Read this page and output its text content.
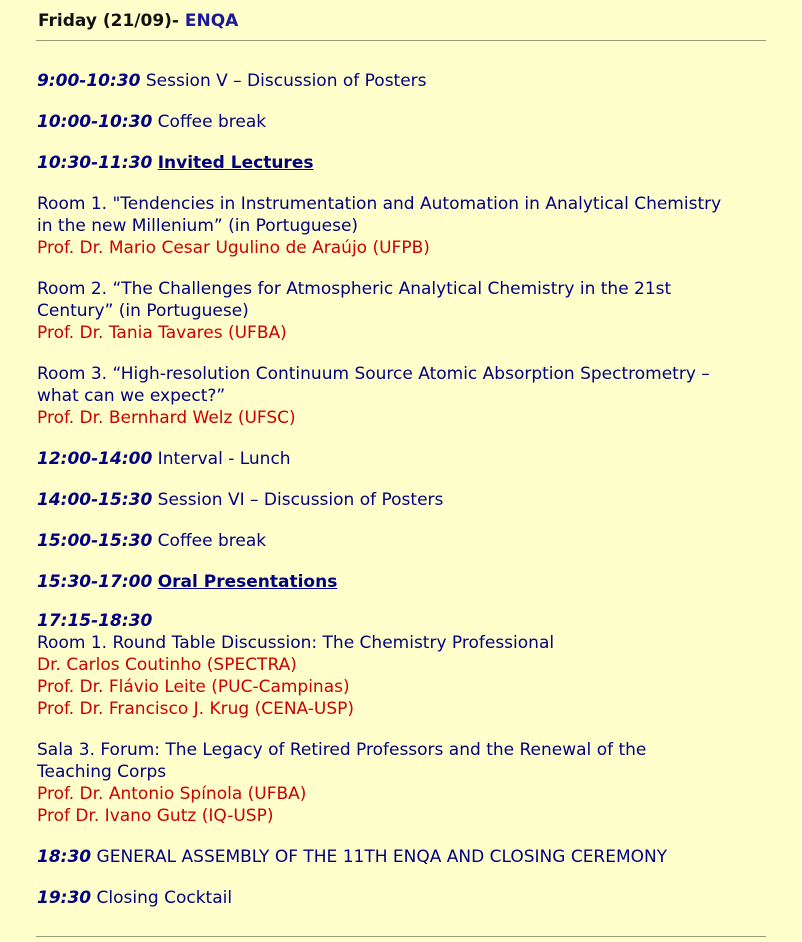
Friday (21/09)- ENQA
9:00-10:30 Session V – Discussion of Posters
10:00-10:30 Coffee break
10:30-11:30 Invited Lectures
Room 1. "Tendencies in Instrumentation and Automation in Analytical Chemistry
in the new Millenium” (in Portuguese)
Prof. Dr. Mario Cesar Ugulino de Araújo (UFPB)
Room 2. “The Challenges for Atmospheric Analytical Chemistry in the 21st
Century” (in Portuguese)
Prof. Dr. Tania Tavares (UFBA)
Room 3. “High-resolution Continuum Source Atomic Absorption Spectrometry –
what can we expect?”
Prof. Dr. Bernhard Welz (UFSC)
12:00-14:00 Interval - Lunch
14:00-15:30 Session VI – Discussion of Posters
15:00-15:30 Coffee break
15:30-17:00 Oral Presentations
17:15-18:30
Room 1. Round Table Discussion: The Chemistry Professional
Dr. Carlos Coutinho (SPECTRA)
Prof. Dr. Flávio Leite (PUC-Campinas)
Prof. Dr. Francisco J. Krug (CENA-USP)
Sala 3. Forum: The Legacy of Retired Professors and the Renewal of the
Teaching Corps
Prof. Dr. Antonio Spínola (UFBA)
Prof Dr. Ivano Gutz (IQ-USP)
18:30 GENERAL ASSEMBLY OF THE 11TH ENQA AND CLOSING CEREMONY
19:30 Closing Cocktail
